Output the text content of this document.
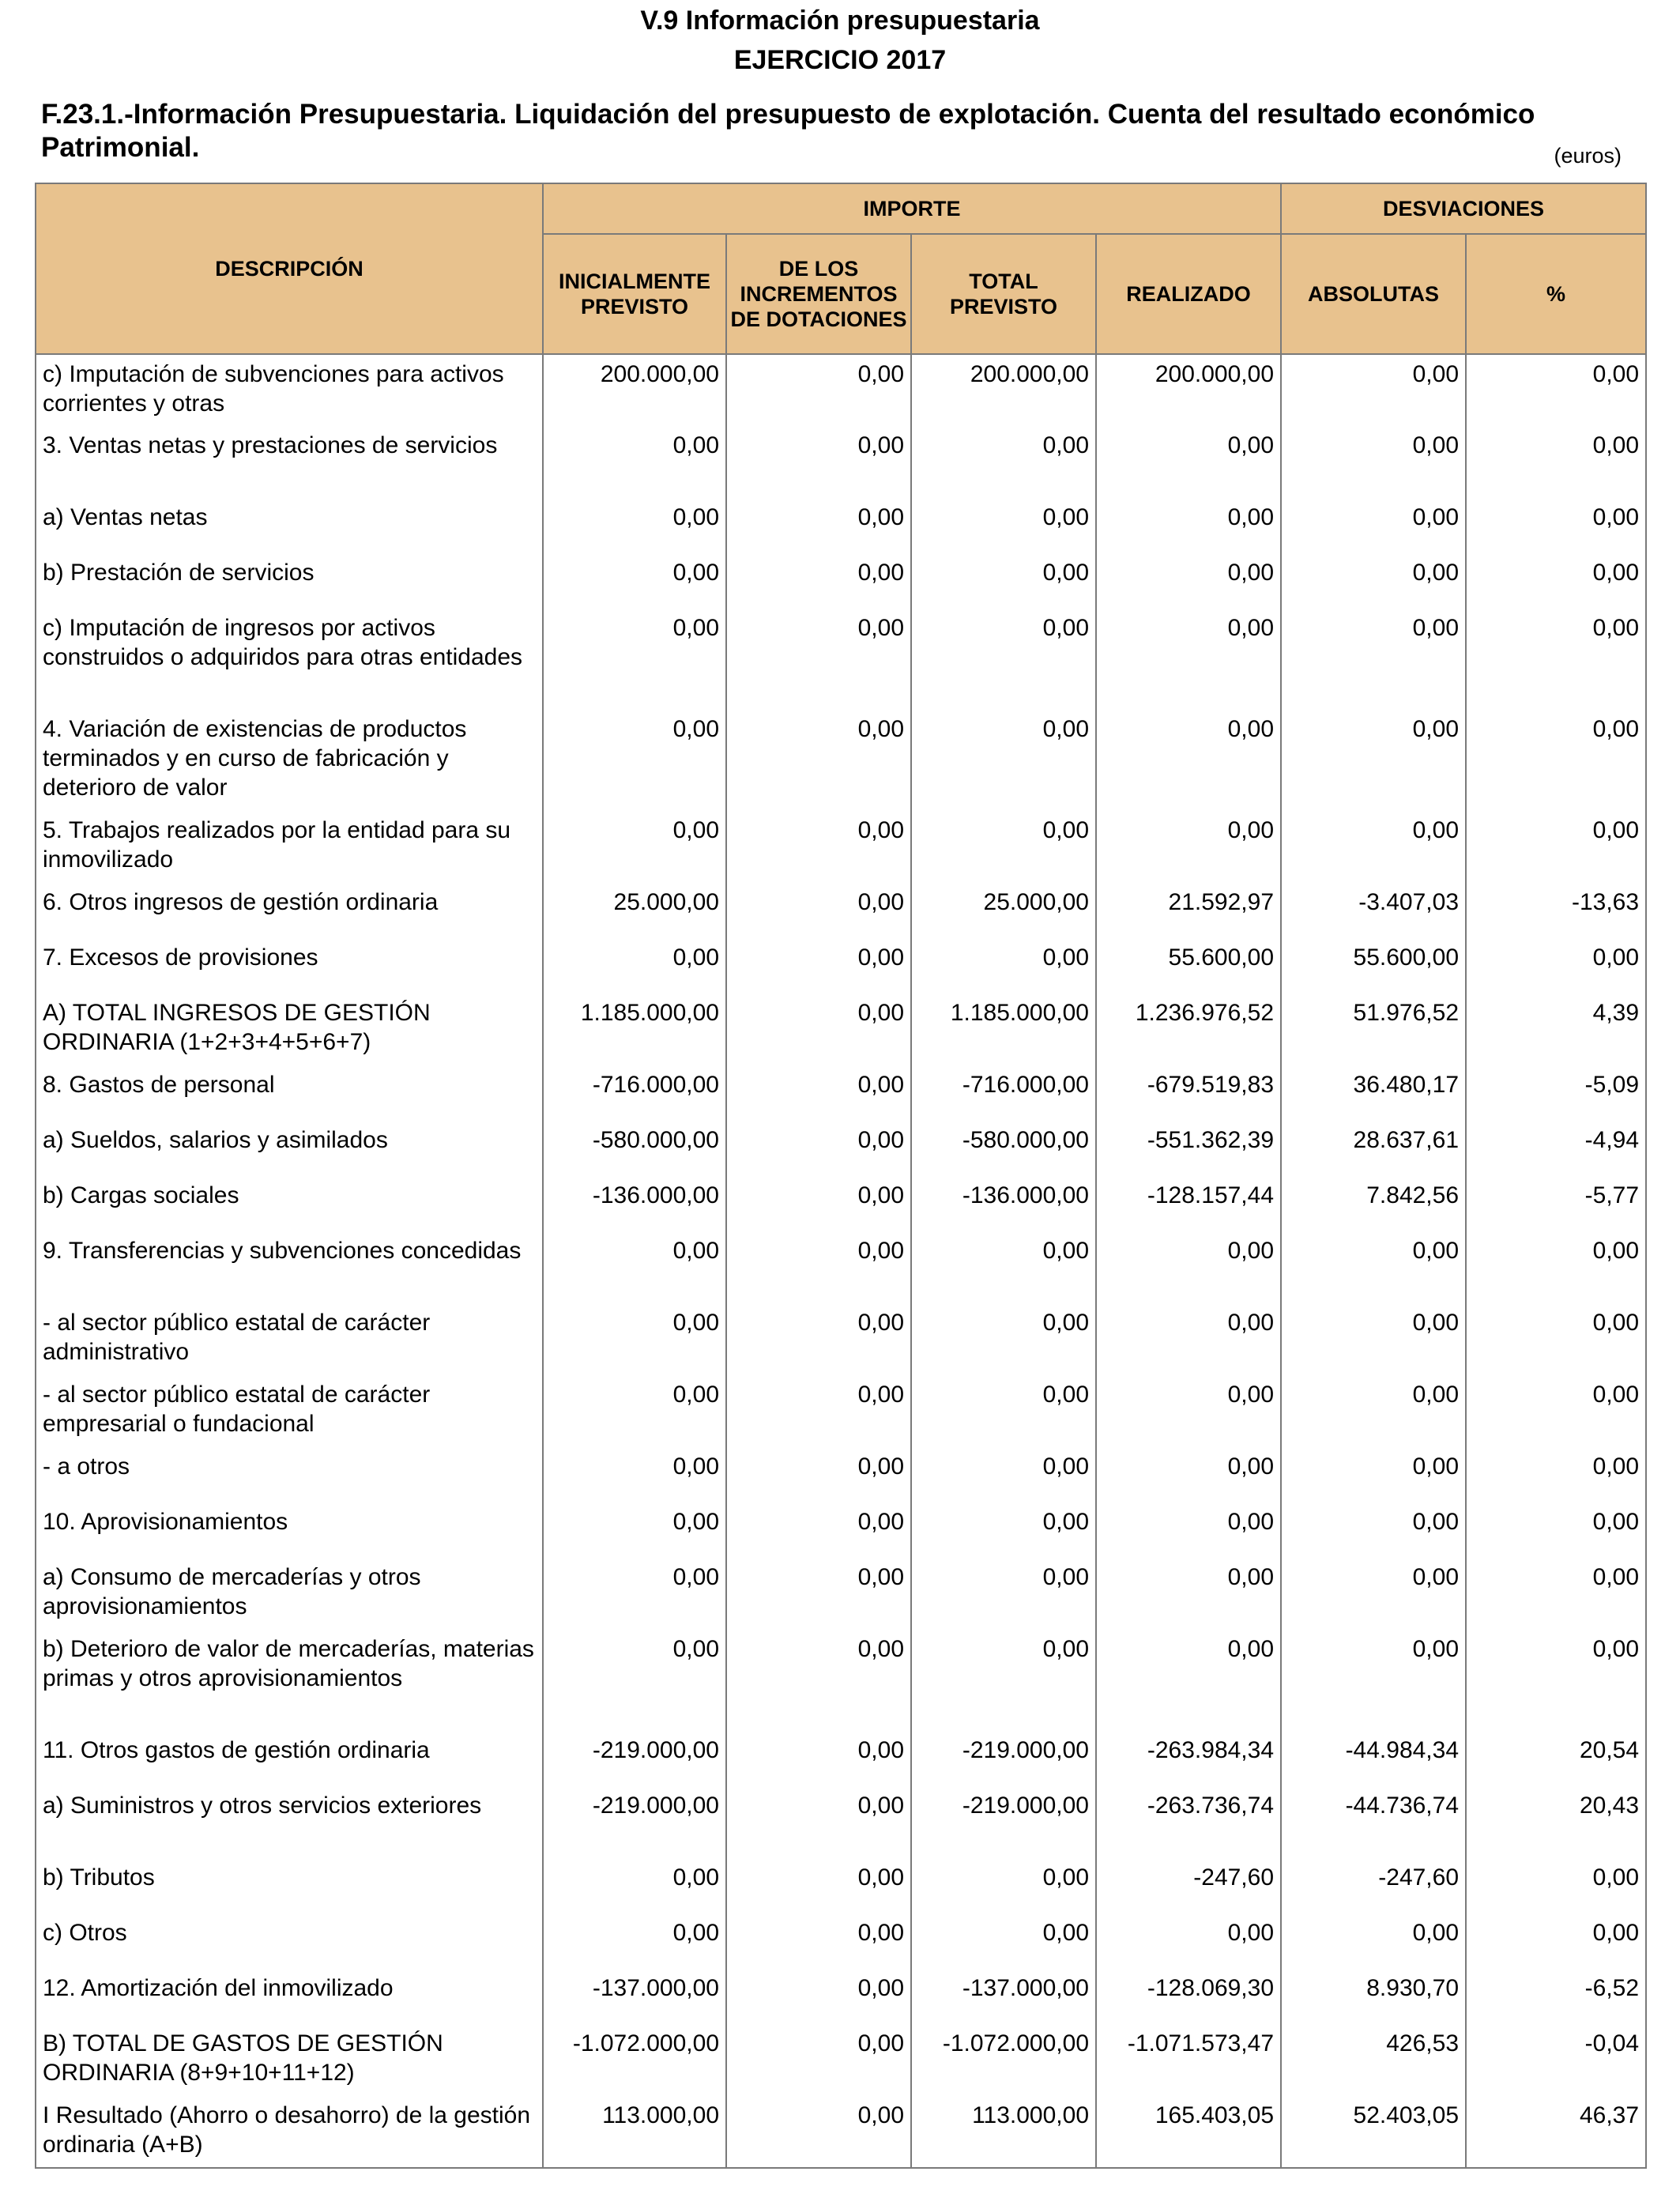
V.9 Información presupuestaria
EJERCICIO 2017
F.23.1.-Información Presupuestaria. Liquidación del presupuesto de explotación. Cuenta del resultado económico Patrimonial.	(euros)
DESCRIPCIÓN	IMPORTE				DESVIACIONES	
	INICIALMENTE PREVISTO	DE LOS INCREMENTOS DE DOTACIONES	TOTAL PREVISTO	REALIZADO	ABSOLUTAS	%
c) Imputación de subvenciones para activos corrientes y otras	200.000,00	0,00	200.000,00	200.000,00	0,00	0,00
3. Ventas netas y prestaciones de servicios	0,00	0,00	0,00	0,00	0,00	0,00
a) Ventas netas	0,00	0,00	0,00	0,00	0,00	0,00
b) Prestación de servicios	0,00	0,00	0,00	0,00	0,00	0,00
c) Imputación de ingresos por activos construidos o adquiridos para otras entidades	0,00	0,00	0,00	0,00	0,00	0,00
4. Variación de existencias de productos terminados y en curso de fabricación y deterioro de valor	0,00	0,00	0,00	0,00	0,00	0,00
5. Trabajos realizados por la entidad para su inmovilizado	0,00	0,00	0,00	0,00	0,00	0,00
6. Otros ingresos de gestión ordinaria	25.000,00	0,00	25.000,00	21.592,97	-3.407,03	-13,63
7. Excesos de provisiones	0,00	0,00	0,00	55.600,00	55.600,00	0,00
A) TOTAL INGRESOS DE GESTIÓN ORDINARIA (1+2+3+4+5+6+7)	1.185.000,00	0,00	1.185.000,00	1.236.976,52	51.976,52	4,39
8. Gastos de personal	-716.000,00	0,00	-716.000,00	-679.519,83	36.480,17	-5,09
a) Sueldos, salarios y asimilados	-580.000,00	0,00	-580.000,00	-551.362,39	28.637,61	-4,94
b) Cargas sociales	-136.000,00	0,00	-136.000,00	-128.157,44	7.842,56	-5,77
9. Transferencias y subvenciones concedidas	0,00	0,00	0,00	0,00	0,00	0,00
- al sector público estatal de carácter administrativo	0,00	0,00	0,00	0,00	0,00	0,00
- al sector público estatal de carácter empresarial o fundacional	0,00	0,00	0,00	0,00	0,00	0,00
- a otros	0,00	0,00	0,00	0,00	0,00	0,00
10. Aprovisionamientos	0,00	0,00	0,00	0,00	0,00	0,00
a) Consumo de mercaderías y otros aprovisionamientos	0,00	0,00	0,00	0,00	0,00	0,00
b) Deterioro de valor de mercaderías, materias primas y otros aprovisionamientos	0,00	0,00	0,00	0,00	0,00	0,00
11. Otros gastos de gestión ordinaria	-219.000,00	0,00	-219.000,00	-263.984,34	-44.984,34	20,54
a) Suministros y otros servicios exteriores	-219.000,00	0,00	-219.000,00	-263.736,74	-44.736,74	20,43
b) Tributos	0,00	0,00	0,00	-247,60	-247,60	0,00
c) Otros	0,00	0,00	0,00	0,00	0,00	0,00
12. Amortización del inmovilizado	-137.000,00	0,00	-137.000,00	-128.069,30	8.930,70	-6,52
B) TOTAL DE GASTOS DE GESTIÓN ORDINARIA (8+9+10+11+12)	-1.072.000,00	0,00	-1.072.000,00	-1.071.573,47	426,53	-0,04
I Resultado (Ahorro o desahorro) de la gestión ordinaria (A+B)	113.000,00	0,00	113.000,00	165.403,05	52.403,05	46,37
